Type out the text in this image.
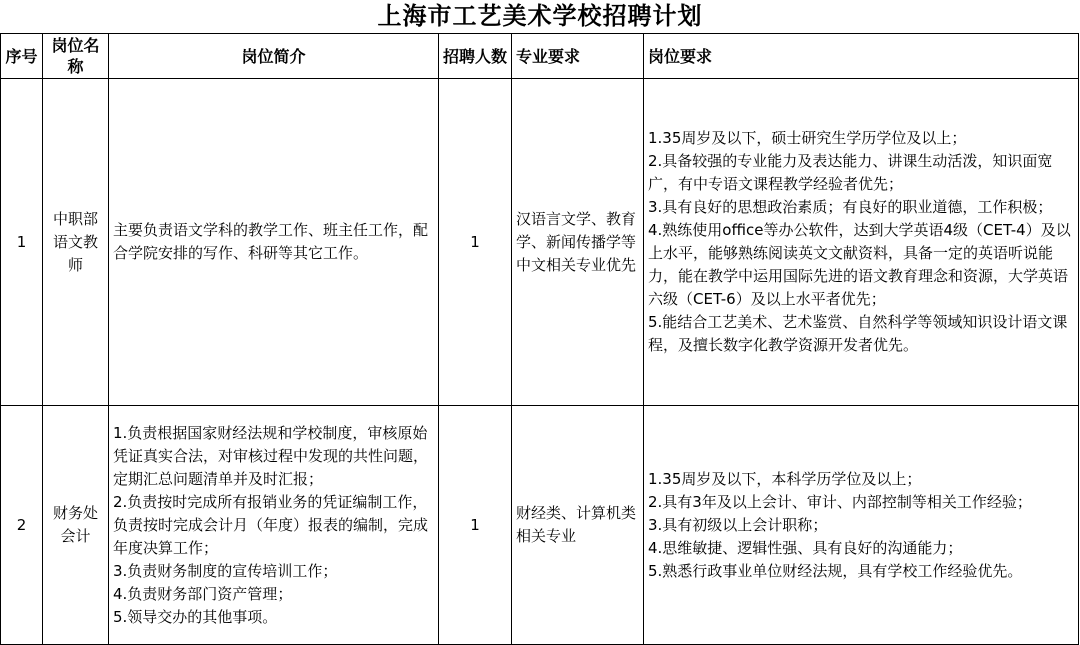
上海市工艺美术学校招聘计划
序号	岗位名称	岗位简介	招聘人数	专业要求	岗位要求
1	中职部语文教师	主要负责语文学科的教学工作、班主任工作，配合学院安排的写作、科研等其它工作。	1	汉语言文学、教育学、新闻传播学等中文相关专业优先	1.35周岁及以下，硕士研究生学历学位及以上；
2.具备较强的专业能力及表达能力、讲课生动活泼，知识面宽广，有中专语文课程教学经验者优先；
3.具有良好的思想政治素质；有良好的职业道德，工作积极；
4.熟练使用office等办公软件，达到大学英语4级（CET-4）及以上水平，能够熟练阅读英文文献资料，具备一定的英语听说能力，能在教学中运用国际先进的语文教育理念和资源，大学英语六级（CET-6）及以上水平者优先；
5.能结合工艺美术、艺术鉴赏、自然科学等领域知识设计语文课程，及擅长数字化教学资源开发者优先。

2	财务处会计	1.负责根据国家财经法规和学校制度，审核原始凭证真实合法，对审核过程中发现的共性问题，定期汇总问题清单并及时汇报；
2.负责按时完成所有报销业务的凭证编制工作，负责按时完成会计月（年度）报表的编制，完成年度决算工作；
3.负责财务制度的宣传培训工作；
4.负责财务部门资产管理；
5.领导交办的其他事项。	1	财经类、计算机类相关专业	1.35周岁及以下，本科学历学位及以上；
2.具有3年及以上会计、审计、内部控制等相关工作经验；
3.具有初级以上会计职称；
4.思维敏捷、逻辑性强、具有良好的沟通能力；
5.熟悉行政事业单位财经法规，具有学校工作经验优先。
